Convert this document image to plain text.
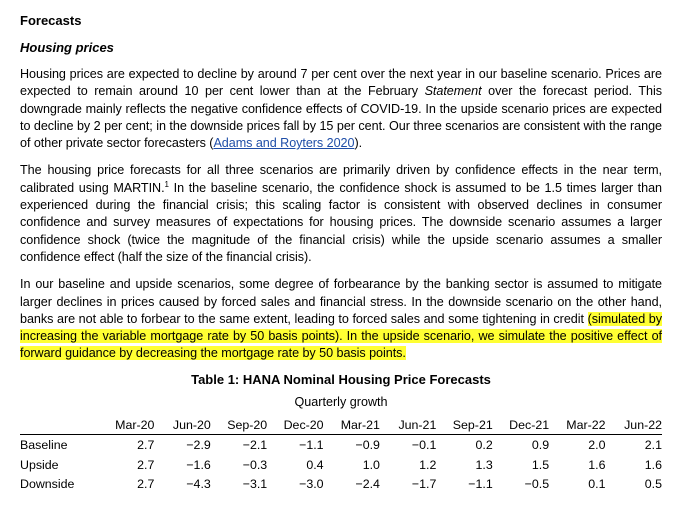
Forecasts
Housing prices

Housing prices are expected to decline by around 7 per cent over the next year in our baseline scenario. Prices are expected to remain around 10 per cent lower than at the February Statement over the forecast period. This downgrade mainly reflects the negative confidence effects of COVID-19. In the upside scenario prices are expected to decline by 2 per cent; in the downside prices fall by 15 per cent. Our three scenarios are consistent with the range of other private sector forecasters (Adams and Royters 2020).

The housing price forecasts for all three scenarios are primarily driven by confidence effects in the near term, calibrated using MARTIN.$^1$ In the baseline scenario, the confidence shock is assumed to be 1.5 times larger than experienced during the financial crisis; this scaling factor is consistent with observed declines in consumer confidence and survey measures of expectations for housing prices. The downside scenario assumes a larger confidence shock (twice the magnitude of the financial crisis) while the upside scenario assumes a smaller confidence effect (half the size of the financial crisis).

In our baseline and upside scenarios, some degree of forbearance by the banking sector is assumed to mitigate larger declines in prices caused by forced sales and financial stress. In the downside scenario on the other hand, banks are not able to forbear to the same extent, leading to forced sales and some tightening in credit (simulated by increasing the variable mortgage rate by 50 basis points). In the upside scenario, we simulate the positive effect of forward guidance by decreasing the mortgage rate by 50 basis points.

Table 1: HANA Nominal Housing Price Forecasts
Quarterly growth
	Mar-20	Jun-20	Sep-20	Dec-20	Mar-21	Jun-21	Sep-21	Dec-21	Mar-22	Jun-22
Baseline	2.7	−2.9	−2.1	−1.1	−0.9	−0.1	0.2	0.9	2.0	2.1
Upside	2.7	−1.6	−0.3	0.4	1.0	1.2	1.3	1.5	1.6	1.6
Downside	2.7	−4.3	−3.1	−3.0	−2.4	−1.7	−1.1	−0.5	0.1	0.5
